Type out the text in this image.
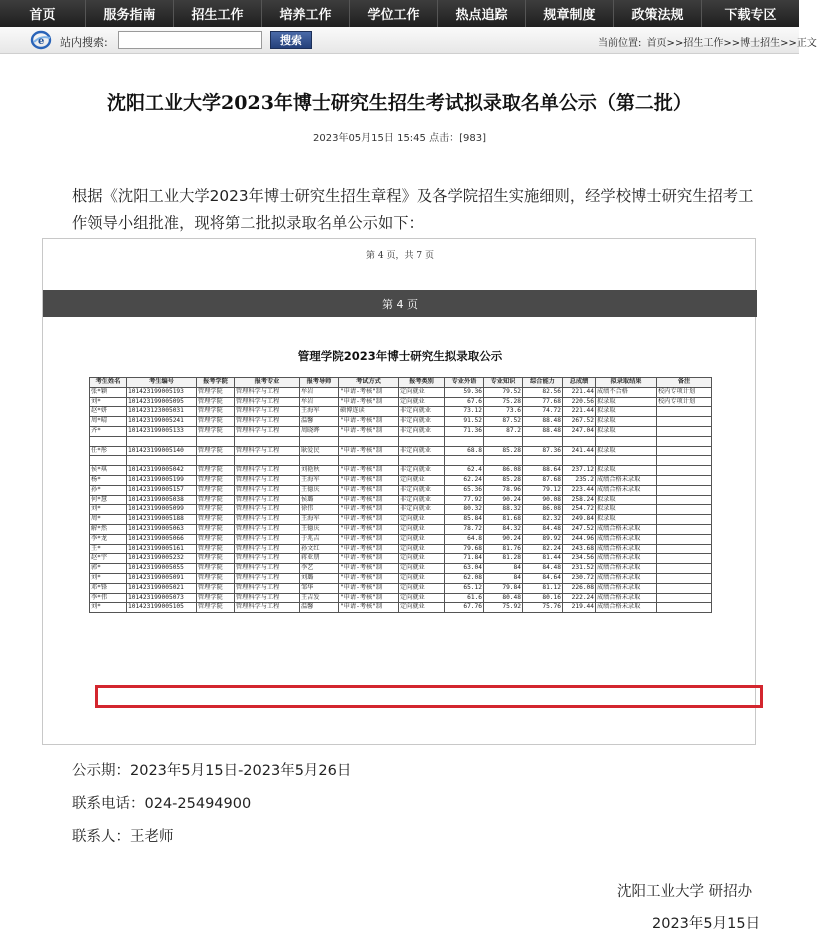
首页	服务指南	招生工作	培养工作	学位工作	热点追踪	规章制度	政策法规	下载专区
e 站内搜索:	搜索	当前位置: 首页>>招生工作>>博士招生>>正文
沈阳工业大学2023年博士研究生招生考试拟录取名单公示（第二批）
2023年05月15日 15:45 点击：[983]
根据《沈阳工业大学2023年博士研究生招生章程》及各学院招生实施细则，经学校博士研究生招考工作领导小组批准，现将第二批拟录取名单公示如下：
第 4 页，共 7 页
第 4 页
管理学院2023年博士研究生拟录取公示
考生姓名	考生编号	报考学院	报考专业	报考导师	考试方式	报考类别	专业外语	专业知识	综合能力	总成绩	拟录取结果	备注
张*颖	101423199005193	管理学院	管理科学与工程	牟岩	"申请-考核"制	定向就业	59.36	79.52	82.56	221.44	成绩不合格	校内专项计划
刘*	101423199005095	管理学院	管理科学与工程	牟岩	"申请-考核"制	定向就业	67.6	75.28	77.68	220.56	拟录取	校内专项计划
赵*妍	101423123005031	管理学院	管理科学与工程	王海军	硕博连读	非定向就业	73.12	73.6	74.72	221.44	拟录取	
周*晴	101423199005241	管理学院	管理科学与工程	温馨	"申请-考核"制	非定向就业	91.52	87.52	88.48	267.52	拟录取	
齐*	101423199005133	管理学院	管理科学与工程	周晓晔	"申请-考核"制	非定向就业	71.36	87.2	88.48	247.04	拟录取	

任*彤	101423199005140	管理学院	管理科学与工程	耿爱民	"申请-考核"制	非定向就业	68.8	85.28	87.36	241.44	拟录取	

侯*琪	101423199005042	管理学院	管理科学与工程	刘艳秋	"申请-考核"制	非定向就业	62.4	86.08	88.64	237.12	拟录取	
杨*	101423199005199	管理学院	管理科学与工程	王海军	"申请-考核"制	定向就业	62.24	85.28	87.68	235.2	成绩合格未录取	
孙*	101423199005157	管理学院	管理科学与工程	王德庆	"申请-考核"制	非定向就业	65.36	78.96	79.12	223.44	成绩合格未录取	
何*慧	101423199005038	管理学院	管理科学与工程	侯璐	"申请-考核"制	非定向就业	77.92	90.24	90.08	258.24	拟录取	
刘*	101423199005099	管理学院	管理科学与工程	徐伟	"申请-考核"制	非定向就业	80.32	88.32	86.08	254.72	拟录取	
周*	101423199005188	管理学院	管理科学与工程	王海军	"申请-考核"制	定向就业	85.84	81.68	82.32	249.84	拟录取	
解*然	101423199005063	管理学院	管理科学与工程	王德庆	"申请-考核"制	定向就业	78.72	84.32	84.48	247.52	成绩合格未录取	
李*龙	101423199005066	管理学院	管理科学与工程	于兆吉	"申请-考核"制	定向就业	64.8	90.24	89.92	244.96	成绩合格未录取	
王*	101423199005161	管理学院	管理科学与工程	孙文红	"申请-考核"制	定向就业	79.68	81.76	82.24	243.68	成绩合格未录取	
赵*宇	101423199005232	管理学院	管理科学与工程	蒋亚朋	"申请-考核"制	定向就业	71.84	81.28	81.44	234.56	成绩合格未录取	
郭*	101423199005055	管理学院	管理科学与工程	李艺	"申请-考核"制	定向就业	63.04	84	84.48	231.52	成绩合格未录取	
刘*	101423199005091	管理学院	管理科学与工程	刘璐	"申请-考核"制	定向就业	62.08	84	84.64	230.72	成绩合格未录取	
邓*锋	101423199005021	管理学院	管理科学与工程	邹华	"申请-考核"制	定向就业	65.12	79.84	81.12	226.08	成绩合格未录取	
李*伟	101423199005073	管理学院	管理科学与工程	王吉发	"申请-考核"制	定向就业	61.6	80.48	80.16	222.24	成绩合格未录取	
刘*	101423199005105	管理学院	管理科学与工程	温馨	"申请-考核"制	定向就业	67.76	75.92	75.76	219.44	成绩合格未录取	
公示期：2023年5月15日-2023年5月26日
联系电话：024-25494900
联系人：王老师
沈阳工业大学 研招办
2023年5月15日
